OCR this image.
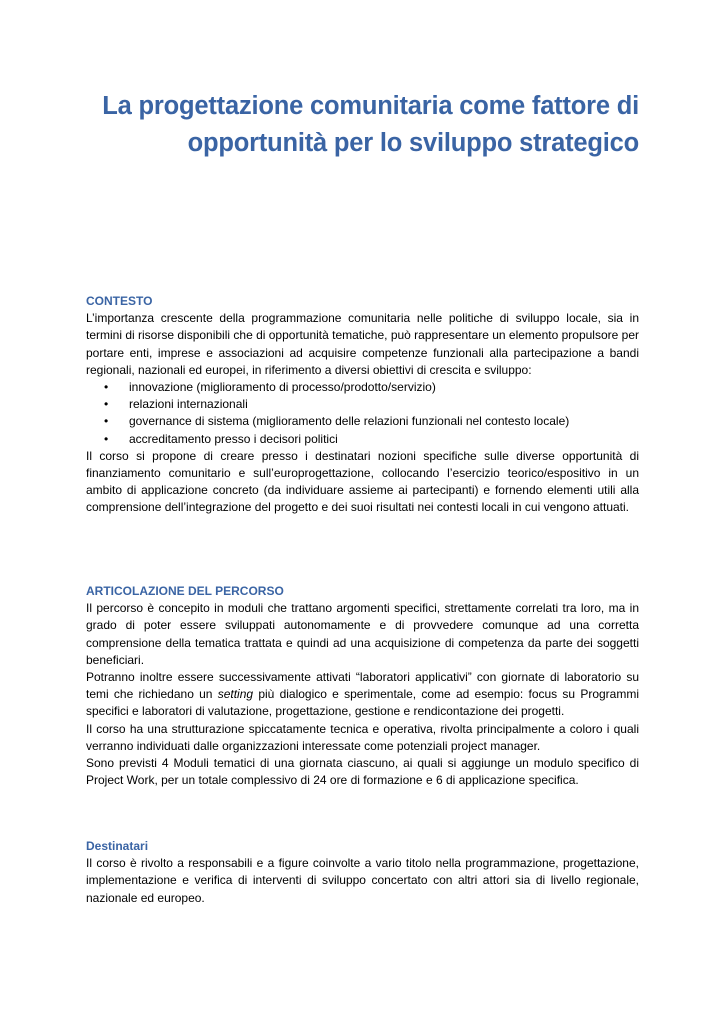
La progettazione comunitaria come fattore di opportunità per lo sviluppo strategico
CONTESTO

L’importanza crescente della programmazione comunitaria nelle politiche di sviluppo locale, sia in termini di risorse disponibili che di opportunità tematiche, può rappresentare un elemento propulsore per portare enti, imprese e associazioni ad acquisire competenze funzionali alla partecipazione a bandi regionali, nazionali ed europei, in riferimento a diversi obiettivi di crescita e sviluppo:

• innovazione (miglioramento di processo/prodotto/servizio)
• relazioni internazionali
• governance di sistema (miglioramento delle relazioni funzionali nel contesto locale)
• accreditamento presso i decisori politici

Il corso si propone di creare presso i destinatari nozioni specifiche sulle diverse opportunità di finanziamento comunitario e sull’europrogettazione, collocando l’esercizio teorico/espositivo in un ambito di applicazione concreto (da individuare assieme ai partecipanti) e fornendo elementi utili alla comprensione dell’integrazione del progetto e dei suoi risultati nei contesti locali in cui vengono attuati.

ARTICOLAZIONE DEL PERCORSO

Il percorso è concepito in moduli che trattano argomenti specifici, strettamente correlati tra loro, ma in grado di poter essere sviluppati autonomamente e di provvedere comunque ad una corretta comprensione della tematica trattata e quindi ad una acquisizione di competenza da parte dei soggetti beneficiari.

Potranno inoltre essere successivamente attivati “laboratori applicativi” con giornate di laboratorio su temi che richiedano un setting più dialogico e sperimentale, come ad esempio: focus su Programmi specifici e laboratori di valutazione, progettazione, gestione e rendicontazione dei progetti.

Il corso ha una strutturazione spiccatamente tecnica e operativa, rivolta principalmente a coloro i quali verranno individuati dalle organizzazioni interessate come potenziali project manager.

Sono previsti 4 Moduli tematici di una giornata ciascuno, ai quali si aggiunge un modulo specifico di Project Work, per un totale complessivo di 24 ore di formazione e 6 di applicazione specifica.

Destinatari

Il corso è rivolto a responsabili e a figure coinvolte a vario titolo nella programmazione, progettazione, implementazione e verifica di interventi di sviluppo concertato con altri attori sia di livello regionale, nazionale ed europeo.
